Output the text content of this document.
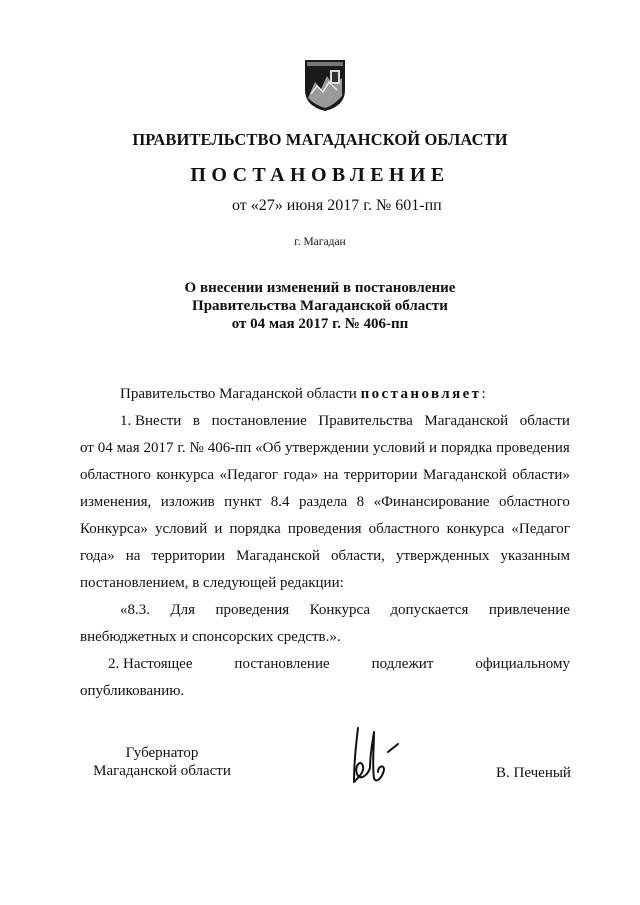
ПРАВИТЕЛЬСТВО МАГАДАНСКОЙ ОБЛАСТИ
ПОСТАНОВЛЕНИЕ
от «27» июня 2017 г. № 601-пп
г. Магадан
О внесении изменений в постановление
Правительства Магаданской области
от 04 мая 2017 г. № 406-пп
Правительство Магаданской области постановляет:
1. Внести в постановление Правительства Магаданской области
от 04 мая 2017 г. № 406-пп «Об утверждении условий и порядка проведения
областного конкурса «Педагог года» на территории Магаданской области»
изменения, изложив пункт 8.4 раздела 8 «Финансирование областного
Конкурса» условий и порядка проведения областного конкурса «Педагог
года» на территории Магаданской области, утвержденных указанным
постановлением, в следующей редакции:
«8.3. Для проведения Конкурса допускается привлечение
внебюджетных и спонсорских средств.».
2. Настоящее	постановление	подлежит	официальному
опубликованию.
Губернатор
Магаданской области	В. Печеный
